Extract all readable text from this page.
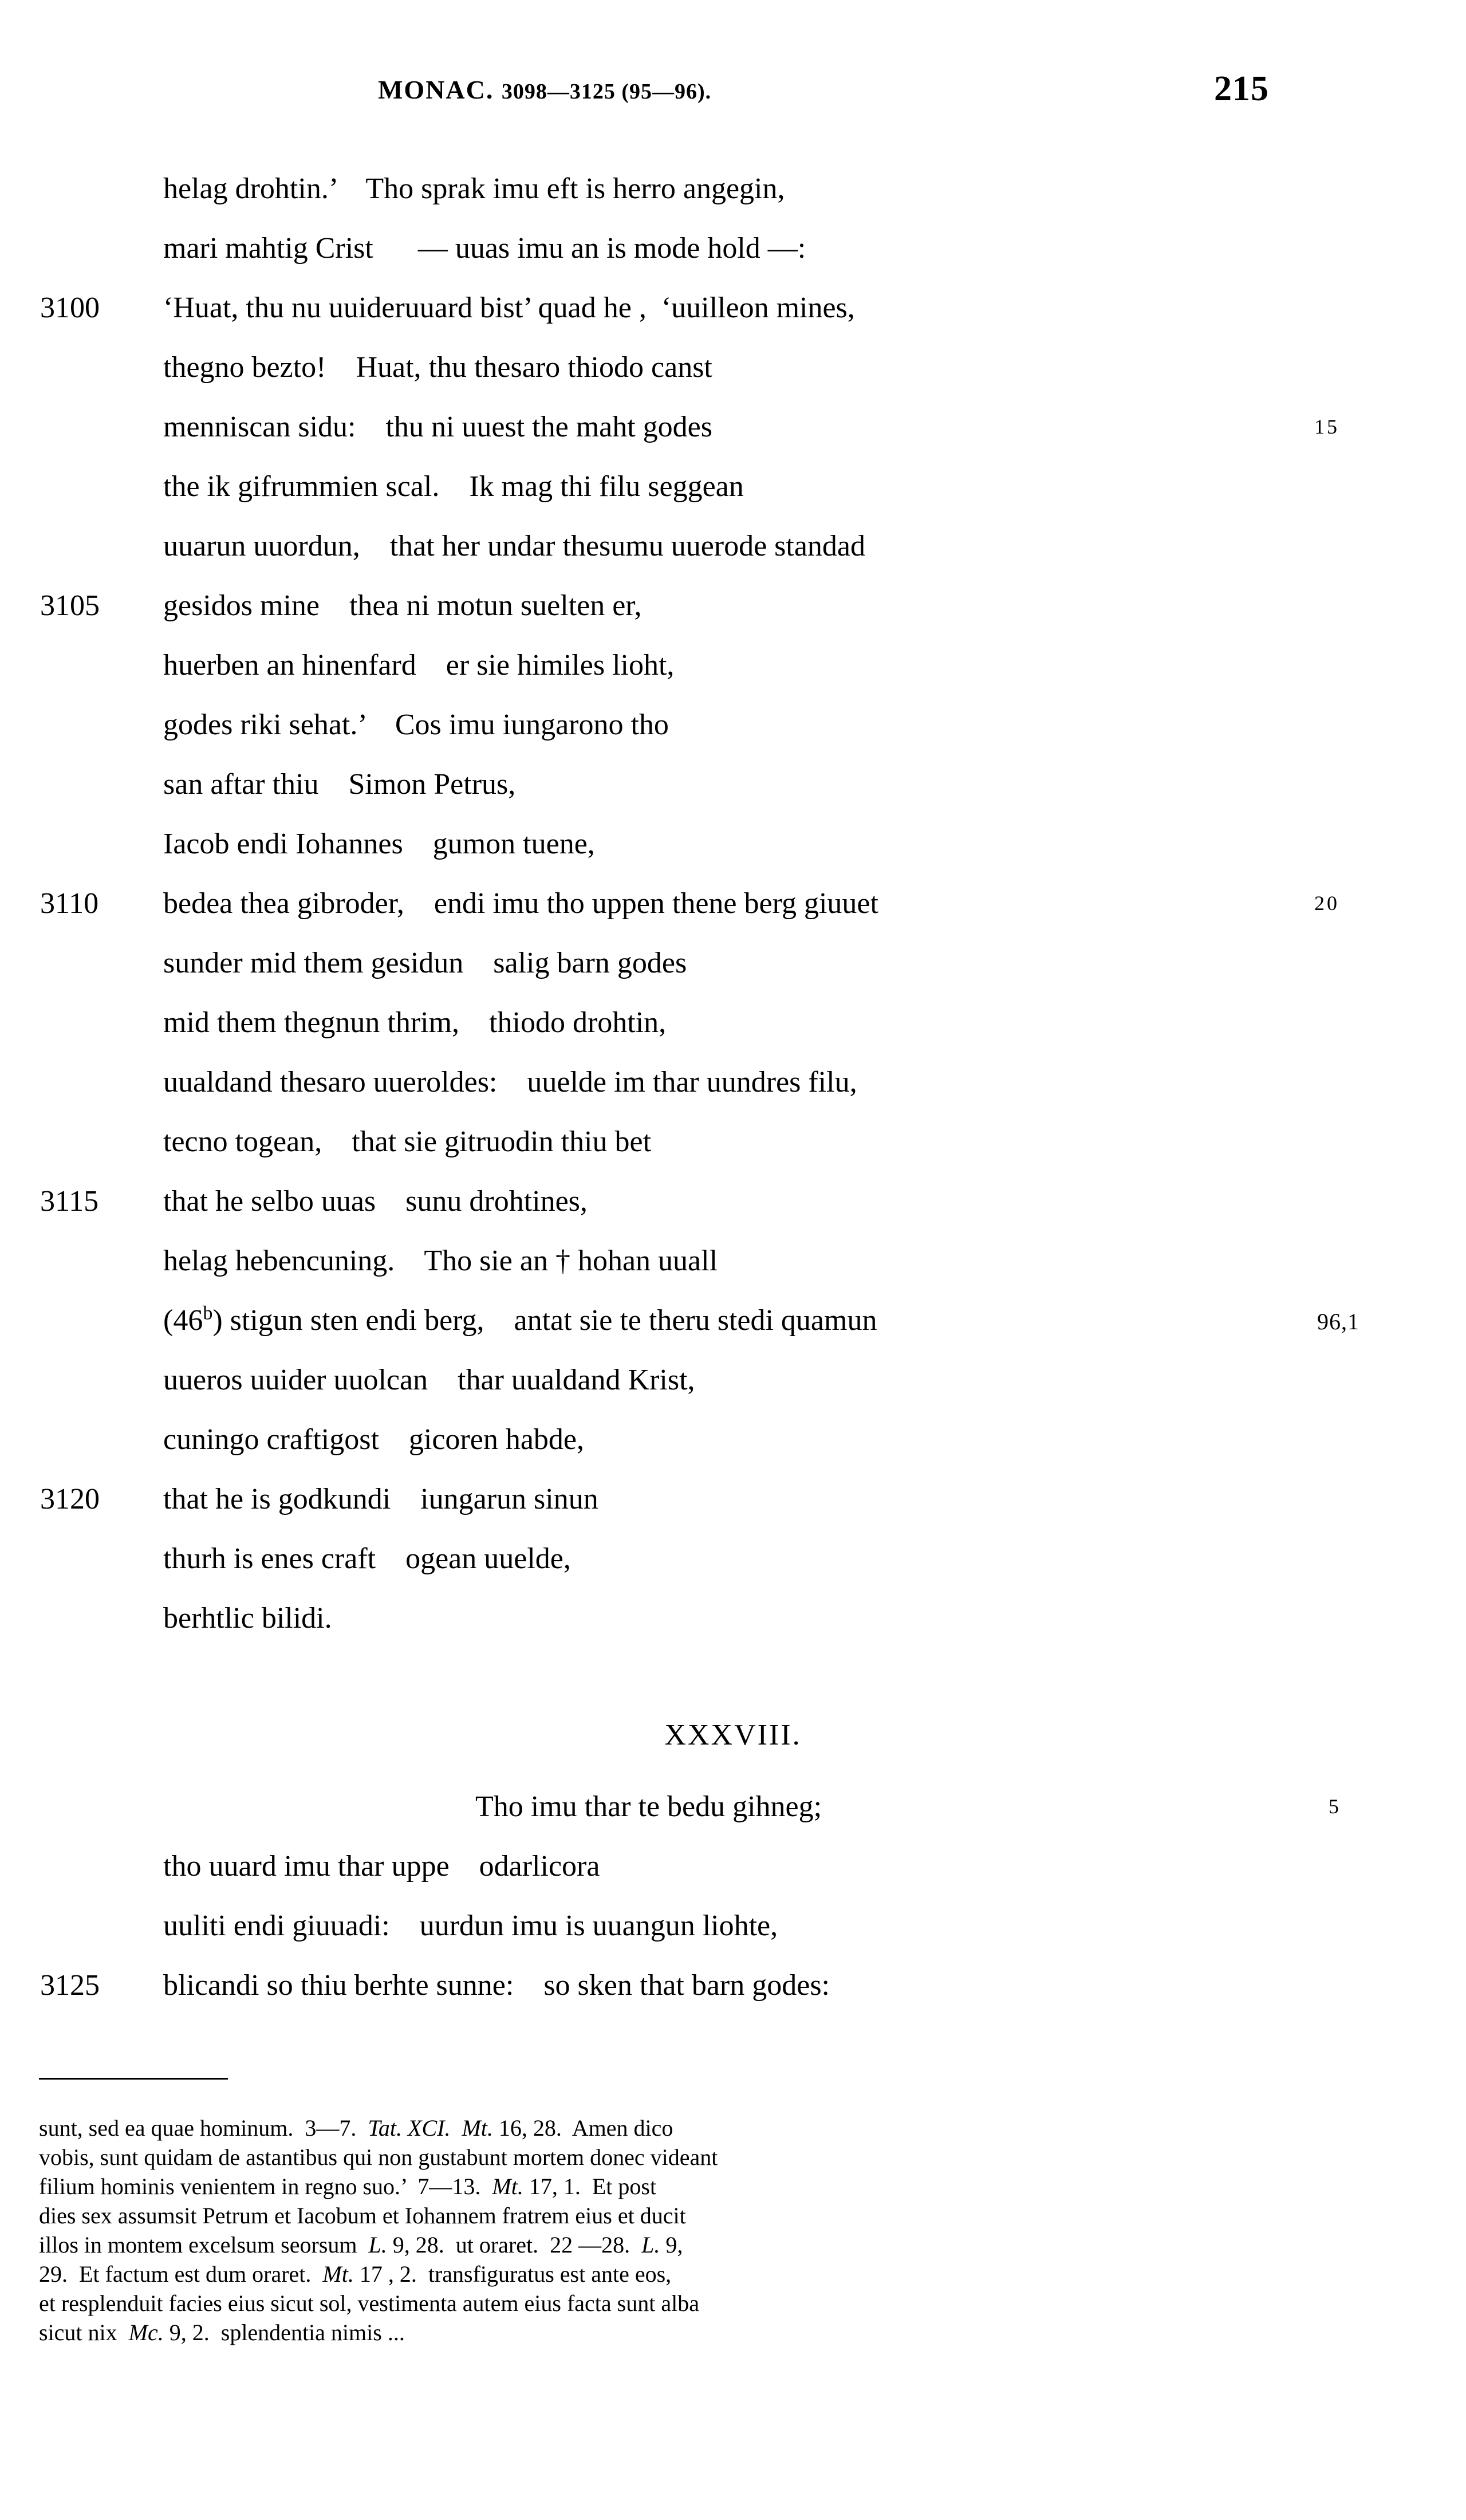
MONAC. 3098—3125 (95—96).	215
helag drohtin.’    Tho sprak imu eft is herro angegin,
mari mahtig Crist      — uuas imu an is mode hold —:
3100	‘Huat, thu nu uuideruuard bist’ quad he ,  ‘uuilleon mines,
thegno bezto!    Huat, thu thesaro thiodo canst
menniscan sidu:    thu ni uuest the maht godes	15
the ik gifrummien scal.    Ik mag thi filu seggean
uuarun uuordun,    that her undar thesumu uuerode standad
3105	gesidos mine    thea ni motun suelten er,
huerben an hinenfard    er sie himiles lioht,
godes riki sehat.’    Cos imu iungarono tho
san aftar thiu    Simon Petrus,
Iacob endi Iohannes    gumon tuene,
3110	bedea thea gibroder,    endi imu tho uppen thene berg giuuet	20
sunder mid them gesidun    salig barn godes
mid them thegnun thrim,    thiodo drohtin,
uualdand thesaro uueroldes:    uuelde im thar uundres filu,
tecno togean,    that sie gitruodin thiu bet
3115	that he selbo uuas    sunu drohtines,
helag hebencuning.    Tho sie an † hohan uuall
(46$^b$) stigun sten endi berg,    antat sie te theru stedi quamun	96,1
uueros uuider uuolcan    thar uualdand Krist,
cuningo craftigost    gicoren habde,
3120	that he is godkundi    iungarun sinun
thurh is enes craft    ogean uuelde,
berhtlic bilidi.
XXXVIII.
Tho imu thar te bedu gihneg;	5
tho uuard imu thar uppe    odarlicora
uuliti endi giuuadi:    uurdun imu is uuangun liohte,
3125	blicandi so thiu berhte sunne:    so sken that barn godes:
sunt, sed ea quae hominum.  3—7.  Tat. XCI. Mt. 16, 28.  Amen dico
vobis, sunt quidam de astantibus qui non gustabunt mortem donec videant
filium hominis venientem in regno suo.’  7—13.  Mt. 17, 1.  Et post
dies sex assumsit Petrum et Iacobum et Iohannem fratrem eius et ducit
illos in montem excelsum seorsum  L. 9, 28.  ut oraret.  22 —28.  L. 9,
29.  Et factum est dum oraret.  Mt. 17 , 2.  transfiguratus est ante eos,
et resplenduit facies eius sicut sol, vestimenta autem eius facta sunt alba
sicut nix  Mc. 9, 2.  splendentia nimis ...
